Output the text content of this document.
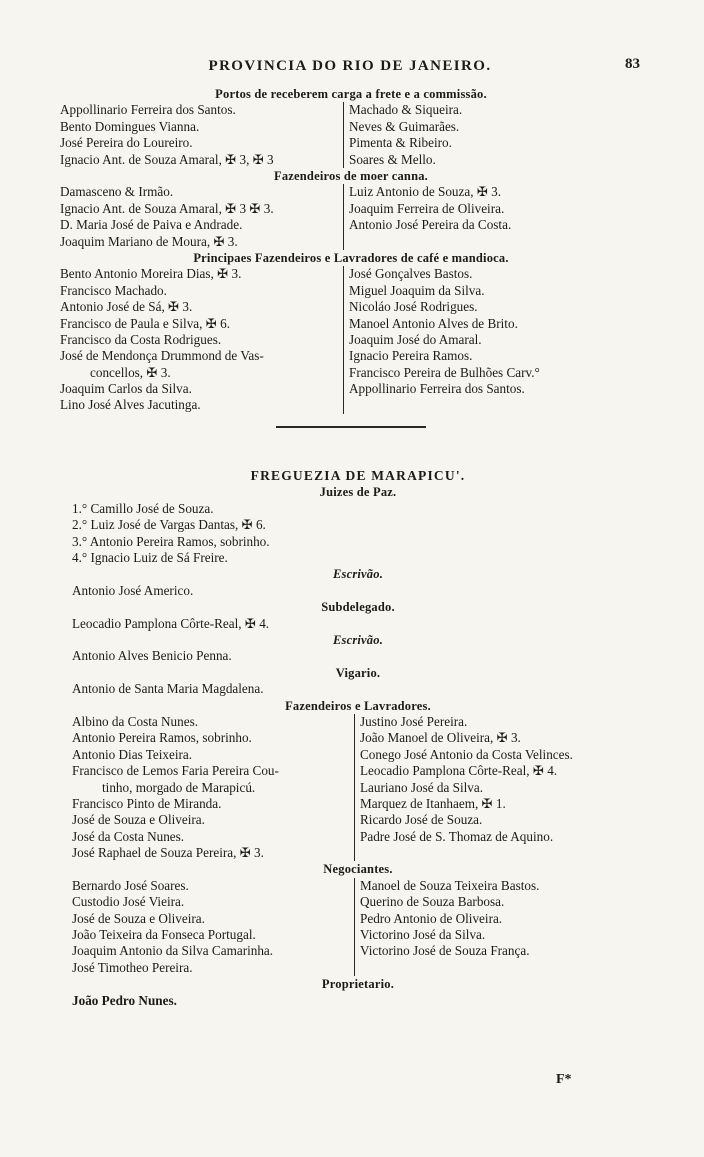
PROVINCIA DO RIO DE JANEIRO.	83
Portos de receberem carga a frete e a commissão.
Appollinario Ferreira dos Santos.
Bento Domingues Vianna.
José Pereira do Loureiro.
Ignacio Ant. de Souza Amaral, ✠ 3, ✠ 3
Machado & Siqueira.
Neves & Guimarães.
Pimenta & Ribeiro.
Soares & Mello.
Fazendeiros de moer canna.
Damasceno & Irmão.
Ignacio Ant. de Souza Amaral, ✠ 3 ✠ 3.
D. Maria José de Paiva e Andrade.
Joaquim Mariano de Moura, ✠ 3.
Luiz Antonio de Souza, ✠ 3.
Joaquim Ferreira de Oliveira.
Antonio José Pereira da Costa.
Principaes Fazendeiros e Lavradores de café e mandioca.
Bento Antonio Moreira Dias, ✠ 3.
Francisco Machado.
Antonio José de Sá, ✠ 3.
Francisco de Paula e Silva, ✠ 6.
Francisco da Costa Rodrigues.
José de Mendonça Drummond de Vas-
concellos, ✠ 3.
Joaquim Carlos da Silva.
Lino José Alves Jacutinga.
José Gonçalves Bastos.
Miguel Joaquim da Silva.
Nicoláo José Rodrigues.
Manoel Antonio Alves de Brito.
Joaquim José do Amaral.
Ignacio Pereira Ramos.
Francisco Pereira de Bulhões Carv.°
Appollinario Ferreira dos Santos.
FREGUEZIA DE MARAPICU'.
Juizes de Paz.
1.° Camillo José de Souza.
2.° Luiz José de Vargas Dantas, ✠ 6.
3.° Antonio Pereira Ramos, sobrinho.
4.° Ignacio Luiz de Sá Freire.
Escrivão.
Antonio José Americo.
Subdelegado.
Leocadio Pamplona Côrte-Real, ✠ 4.
Escrivão.
Antonio Alves Benicio Penna.
Vigario.
Antonio de Santa Maria Magdalena.
Fazendeiros e Lavradores.
Albino da Costa Nunes.
Antonio Pereira Ramos, sobrinho.
Antonio Dias Teixeira.
Francisco de Lemos Faria Pereira Cou-
tinho, morgado de Marapicú.
Francisco Pinto de Miranda.
José de Souza e Oliveira.
José da Costa Nunes.
José Raphael de Souza Pereira, ✠ 3.
Justino José Pereira.
João Manoel de Oliveira, ✠ 3.
Conego José Antonio da Costa Velinces.
Leocadio Pamplona Côrte-Real, ✠ 4.
Lauriano José da Silva.
Marquez de Itanhaem, ✠ 1.
Ricardo José de Souza.
Padre José de S. Thomaz de Aquino.
Negociantes.
Bernardo José Soares.
Custodio José Vieira.
José de Souza e Oliveira.
João Teixeira da Fonseca Portugal.
Joaquim Antonio da Silva Camarinha.
José Timotheo Pereira.
Manoel de Souza Teixeira Bastos.
Querino de Souza Barbosa.
Pedro Antonio de Oliveira.
Victorino José da Silva.
Victorino José de Souza França.
Proprietario.
João Pedro Nunes.
F*
